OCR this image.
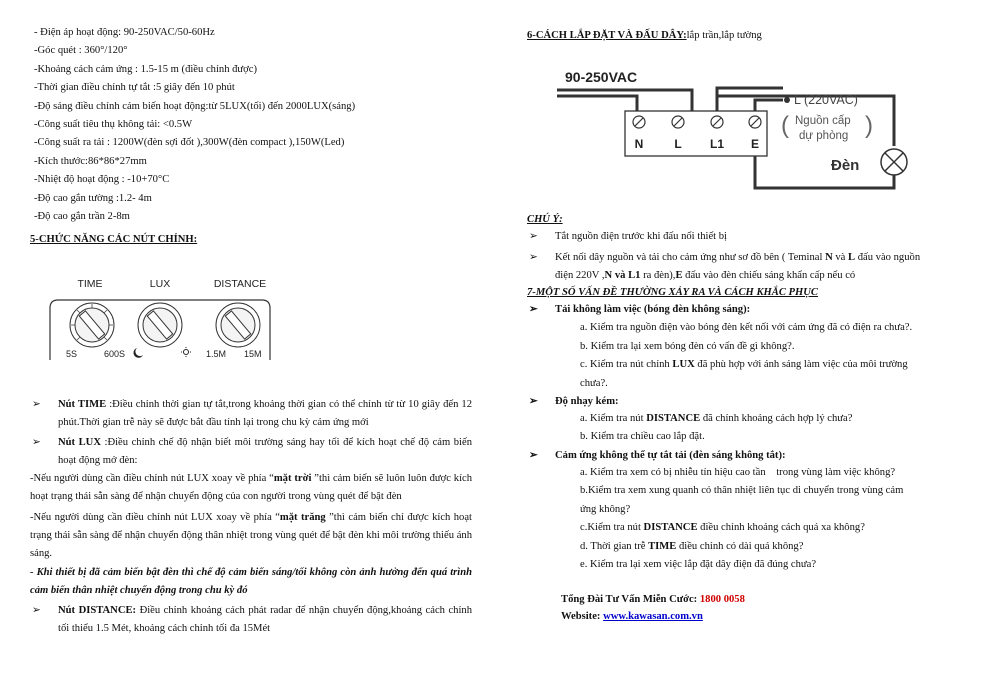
- Điện áp hoạt động: 90-250VAC/50-60Hz
-Góc quét : 360°/120°
-Khoảng cách cảm ứng : 1.5-15 m (điều chỉnh được)
-Thời gian điều chỉnh tự tắt :5 giây đến 10 phút
-Độ sáng điều chỉnh cảm biến hoạt động:từ 5LUX(tối) đến 2000LUX(sáng)
-Công suất tiêu thụ không tải: <0.5W
-Công suất ra tải : 1200W(đèn sợi đốt ),300W(đèn compact ),150W(Led)
-Kích thước:86*86*27mm
-Nhiệt độ hoạt động : -10+70°C
-Độ cao gắn tường :1.2- 4m
-Độ cao gắn trần 2-8m
5-CHỨC NĂNG CÁC NÚT CHỈNH:
TIME	LUX	DISTANCE
5S	600S	1.5M 15M
➢ Nút TIME :Điều chỉnh thời gian tự tắt,trong khoảng thời gian có thể chỉnh từ từ 10 giây đến 12 phút.Thời gian trễ này sẽ được bắt đầu tính lại trong chu kỳ cảm ứng mới
➢ Nút LUX :Điều chỉnh chế độ nhận biết môi trường sáng hay tối để kích hoạt chế độ cảm biến hoạt động mở đèn:
-Nếu người dùng cần điều chỉnh nút LUX xoay về phía “mặt trời ”thì cảm biến sẽ luôn luôn được kích hoạt trạng thái sẵn sàng để nhận chuyển động của con người trong vùng quét để bật đèn
-Nếu người dùng cần điều chỉnh nút LUX xoay về phía “mặt trăng ”thì cảm biến chỉ được kích hoạt trạng thái sẵn sàng để nhận chuyển động thân nhiệt trong vùng quét để bật đèn khi môi trường thiếu ánh sáng.
- Khi thiết bị đã cảm biến bật đèn thì chế độ cảm biến sáng/tối không còn ảnh hưởng đến quá trình cảm biến thân nhiệt chuyển động trong chu kỳ đó
➢ Nút DISTANCE: Điều chỉnh khoảng cách phát radar để nhận chuyển động,khoảng cách chỉnh tối thiểu 1.5 Mét, khoảng cách chỉnh tối đa 15Mét
6-CÁCH LẮP ĐẶT VÀ ĐẤU DÂY:lắp trần,lắp tường
90-250VAC
N	L L1 E
L (220VAC)
( Nguồn cấp
dự phòng )
Đèn
CHÚ Ý:
➢ Tắt nguồn điện trước khi đấu nối thiết bị
➢ Kết nối dây nguồn và tải cho cảm ứng như sơ đồ bên ( Teminal N và L đấu vào nguồn
điện 220V ,N và L1 ra đèn),E đấu vào đèn chiếu sáng khẩn cấp nếu có
7-MỘT SỐ VẤN ĐỀ THƯỜNG XẢY RA VÀ CÁCH KHẮC PHỤC
➢ Tải không làm việc (bóng đèn không sáng):
a. Kiểm tra nguồn điện vào bóng đèn kết nối với cảm ứng đã có điện ra chưa?.
b. Kiểm tra lại xem bóng đèn có vấn đề gì không?.
c. Kiểm tra nút chỉnh LUX đã phù hợp với ánh sáng làm việc của môi trường
chưa?.
➢ Độ nhạy kém:
a. Kiểm tra nút DISTANCE đã chỉnh khoảng cách hợp lý chưa?
b. Kiểm tra chiều cao lắp đặt.
➢ Cảm ứng không thể tự tắt tải (đèn sáng không tắt):
a. Kiểm tra xem có bị nhiễu tín hiệu cao tần    trong vùng làm việc không?
b.Kiểm tra xem xung quanh có thân nhiệt liên tục di chuyển trong vùng cảm
ứng không?
c.Kiểm tra nút DISTANCE điều chỉnh khoảng cách quá xa không?
d. Thời gian trễ TIME điều chỉnh có dài quá không?
e. Kiểm tra lại xem việc lắp đặt dây điện đã đúng chưa?
Tổng Đài Tư Vấn Miễn Cước: 1800 0058
Website: www.kawasan.com.vn
